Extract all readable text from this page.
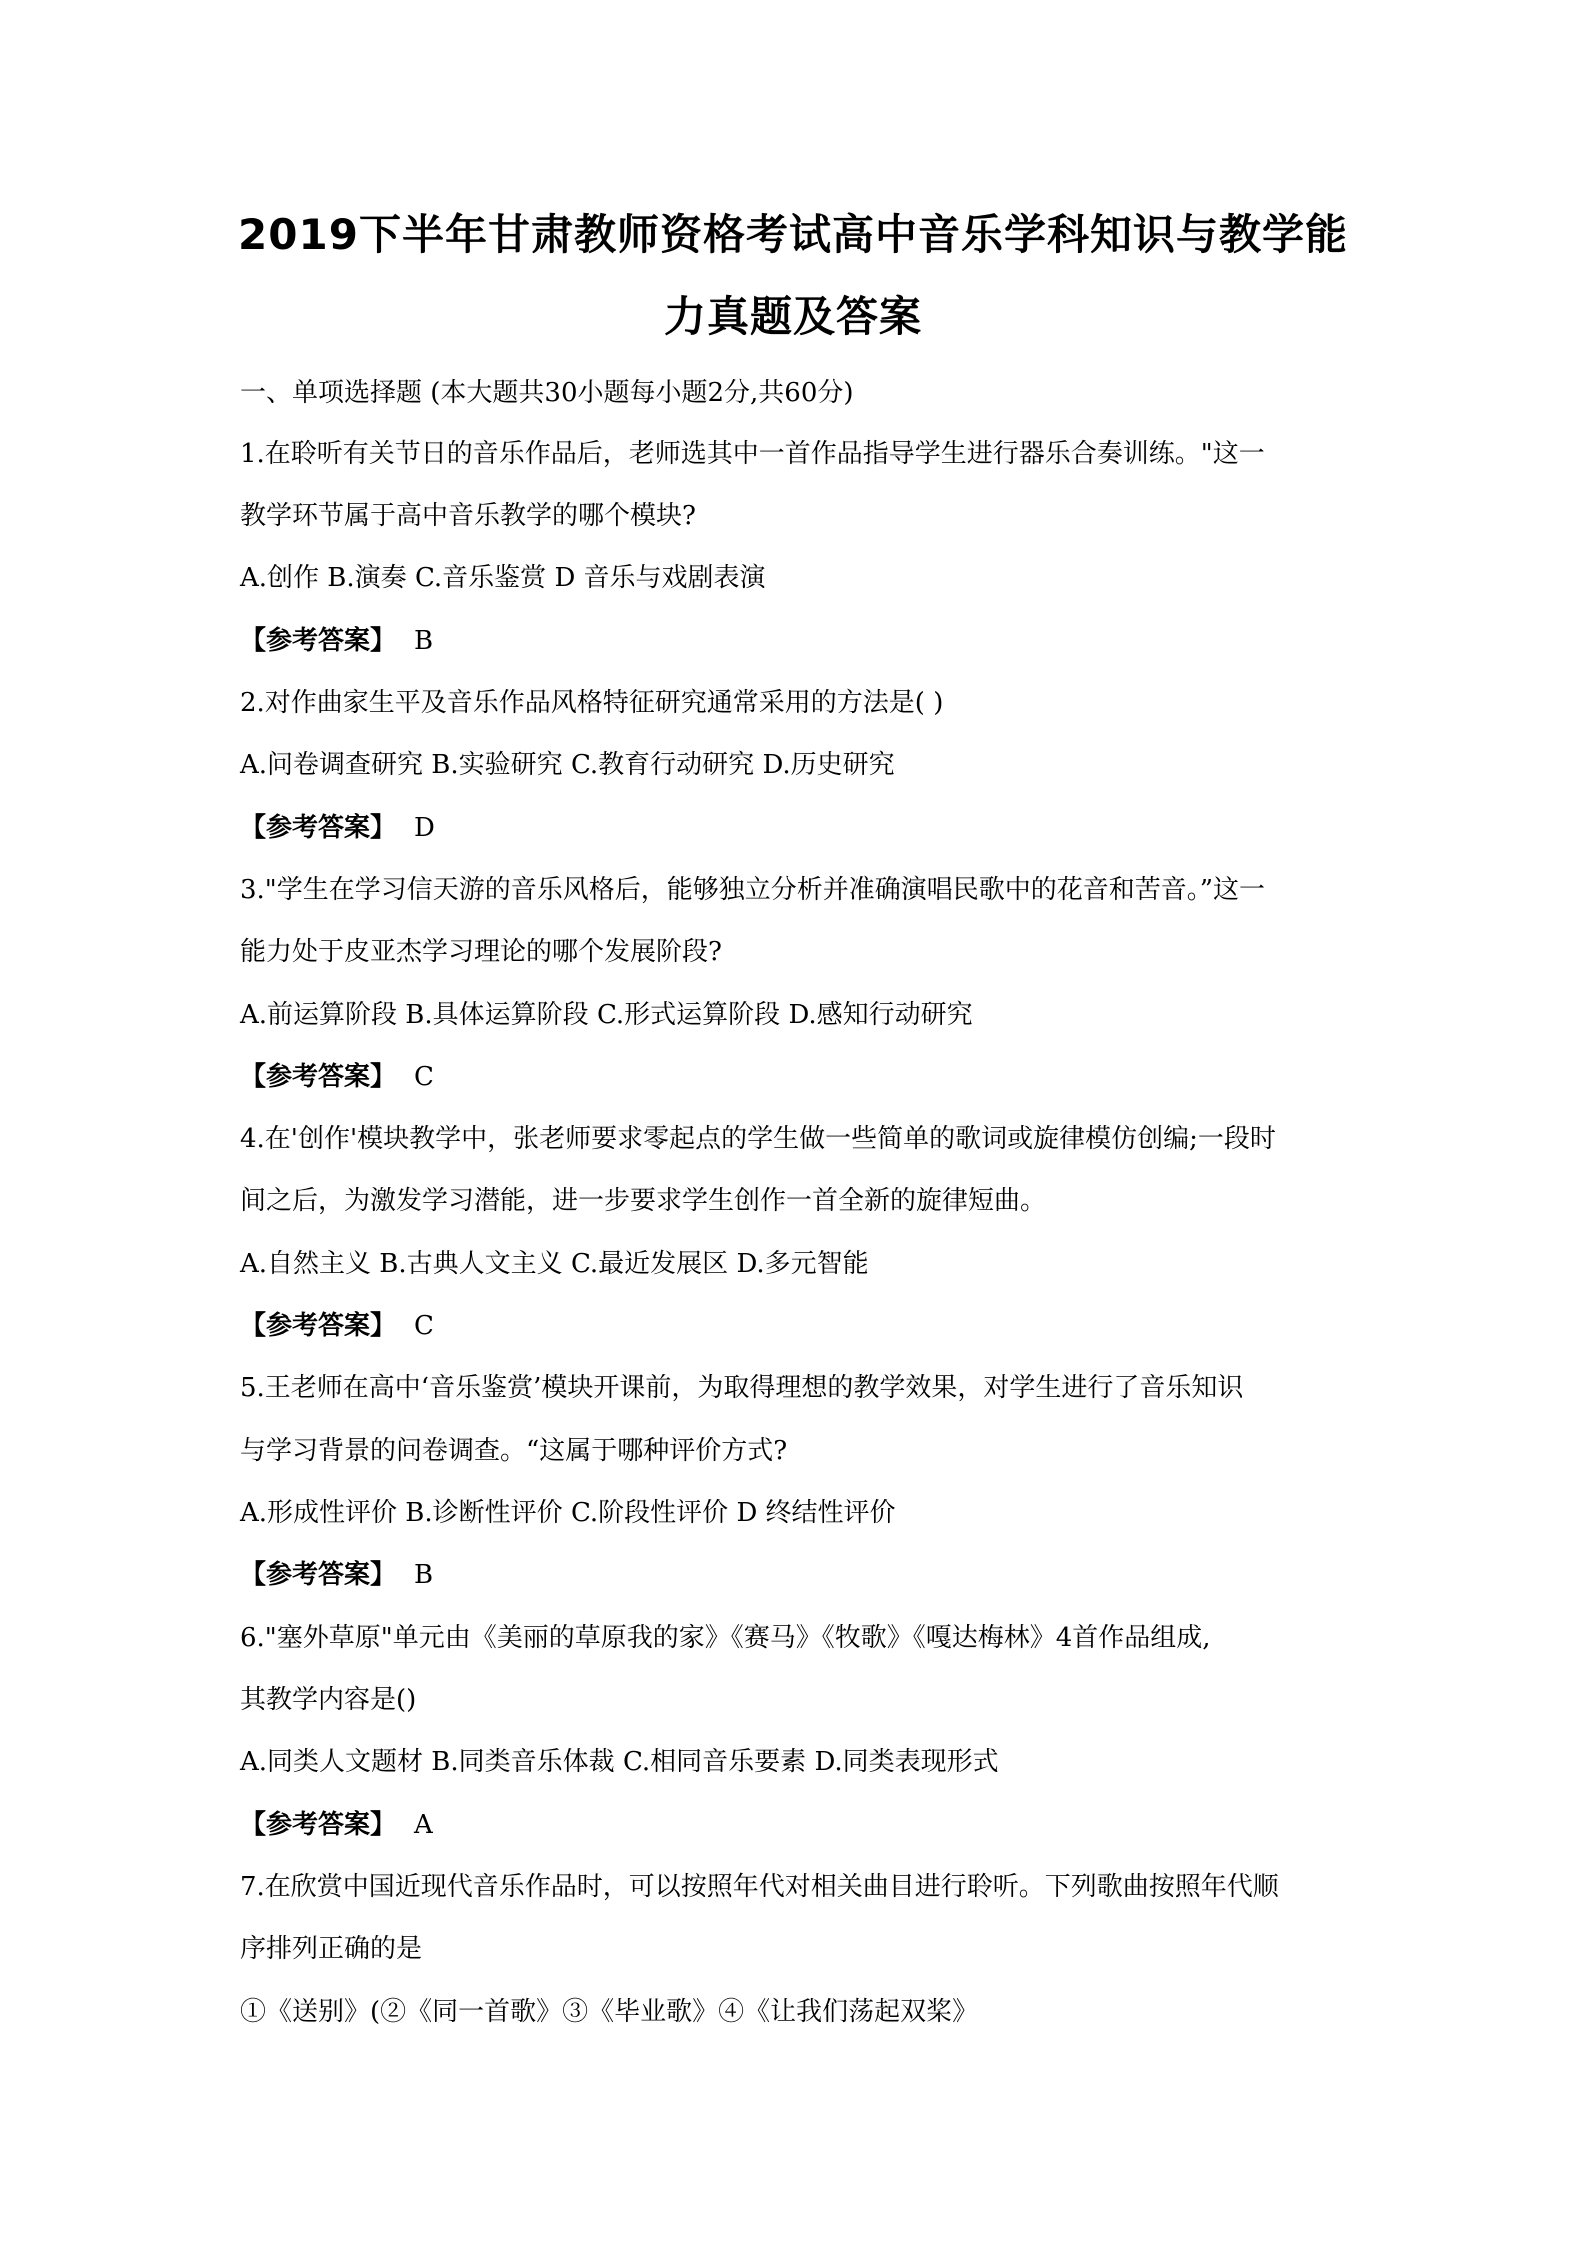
2019下半年甘肃教师资格考试高中音乐学科知识与教学能
力真题及答案
一、单项选择题 (本大题共30小题每小题2分,共60分)
1.在聆听有关节日的音乐作品后，老师选其中一首作品指导学生进行器乐合奏训练。"这一
教学环节属于高中音乐教学的哪个模块?
A.创作 B.演奏 C.音乐鉴赏 D 音乐与戏剧表演
【参考答案】 B
2.对作曲家生平及音乐作品风格特征研究通常采用的方法是( )
A.问卷调查研究 B.实验研究 C.教育行动研究 D.历史研究
【参考答案】 D
3."学生在学习信天游的音乐风格后，能够独立分析并准确演唱民歌中的花音和苦音。”这一
能力处于皮亚杰学习理论的哪个发展阶段?
A.前运算阶段 B.具体运算阶段 C.形式运算阶段 D.感知行动研究
【参考答案】 C
4.在'创作'模块教学中，张老师要求零起点的学生做一些简单的歌词或旋律模仿创编;一段时
间之后，为激发学习潜能，进一步要求学生创作一首全新的旋律短曲。
A.自然主义 B.古典人文主义 C.最近发展区 D.多元智能
【参考答案】 C
5.王老师在高中‘音乐鉴赏’模块开课前，为取得理想的教学效果，对学生进行了音乐知识
与学习背景的问卷调查。“这属于哪种评价方式?
A.形成性评价 B.诊断性评价 C.阶段性评价 D 终结性评价
【参考答案】 B
6."塞外草原"单元由《美丽的草原我的家》《赛马》《牧歌》《嘎达梅林》4首作品组成,
其教学内容是()
A.同类人文题材 B.同类音乐体裁 C.相同音乐要素 D.同类表现形式
【参考答案】 A
7.在欣赏中国近现代音乐作品时，可以按照年代对相关曲目进行聆听。下列歌曲按照年代顺
序排列正确的是
①《送别》(②《同一首歌》③《毕业歌》④《让我们荡起双桨》
